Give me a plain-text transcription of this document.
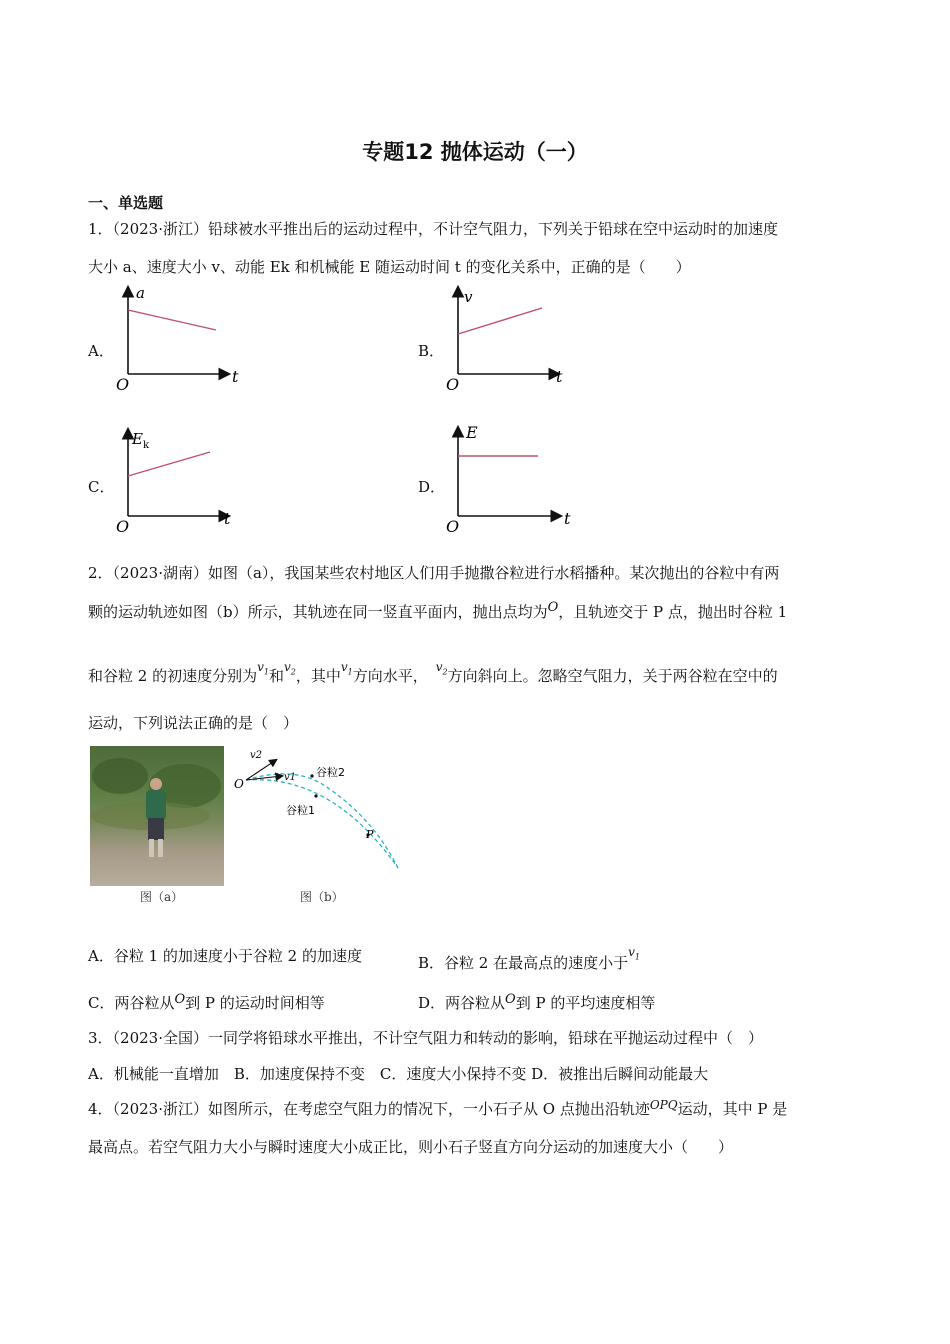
专题12 抛体运动（一）
一、单选题
1．（2023·浙江）铅球被水平推出后的运动过程中，不计空气阻力，下列关于铅球在空中运动时的加速度
大小 a、速度大小 v、动能 Ek 和机械能 E 随运动时间 t 的变化关系中，正确的是（　　）
A．	B．
C．	D．
a
O	t
v
O	t
E k
O	t
E
O	t
2．（2023·湖南）如图（a），我国某些农村地区人们用手抛撒谷粒进行水稻播种。某次抛出的谷粒中有两
颗的运动轨迹如图（b）所示，其轨迹在同一竖直平面内，抛出点均为O，且轨迹交于 P 点，抛出时谷粒 1
和谷粒 2 的初速度分别为$^{v_1}$和$^{v_2}$，其中$^{v_1}$方向水平， $^{v_2}$方向斜向上。忽略空气阻力，关于两谷粒在空中的
运动，下列说法正确的是（　）
图（a）
O
v2
v1 谷粒2
谷粒1
P
图（b）
A．谷粒 1 的加速度小于谷粒 2 的加速度	B．谷粒 2 在最高点的速度小于$^{v_1}$
C．两谷粒从O到 P 的运动时间相等	D．两谷粒从O到 P 的平均速度相等
3．（2023·全国）一同学将铅球水平推出，不计空气阻力和转动的影响，铅球在平抛运动过程中（　）
A．机械能一直增加　B．加速度保持不变　C．速度大小保持不变 D．被推出后瞬间动能最大
4．（2023·浙江）如图所示，在考虑空气阻力的情况下，一小石子从 O 点抛出沿轨迹$^{OPQ}$运动，其中 P 是
最高点。若空气阻力大小与瞬时速度大小成正比，则小石子竖直方向分运动的加速度大小（　　）
